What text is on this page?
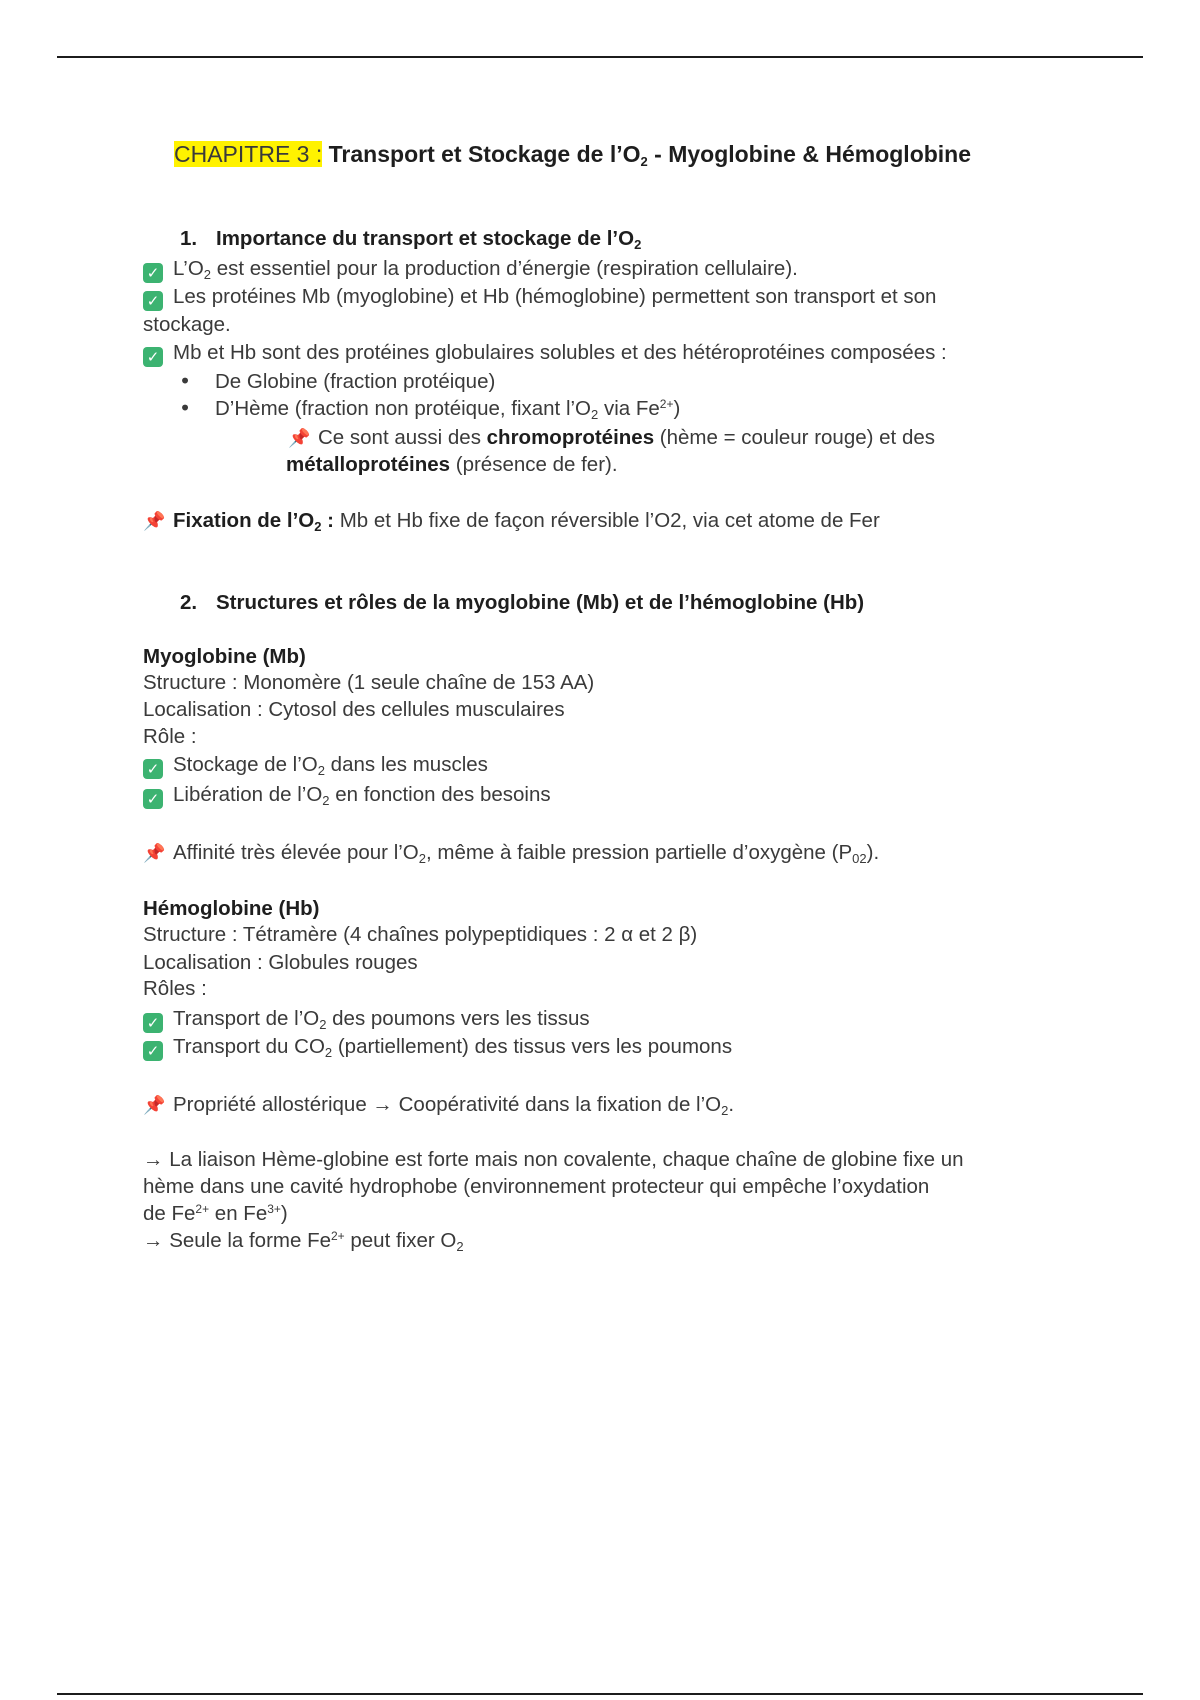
CHAPITRE 3 : Transport et Stockage de $l’O_2$ - Myoglobine & Hémoglobine
1. Importance du transport et stockage de $l’O_2$
✓ $L’O_2$ est essentiel pour la production d’énergie (respiration cellulaire).
✓ Les protéines Mb (myoglobine) et Hb (hémoglobine) permettent son transport et son
stockage.
✓ Mb et Hb sont des protéines globulaires solubles et des hétéroprotéines composées :
• De Globine (fraction protéique)
• D’Hème (fraction non protéique, fixant $l’O_2$ via $Fe^{2+}$)
📌 Ce sont aussi des chromoprotéines (hème = couleur rouge) et des
métalloprotéines (présence de fer).
📌 Fixation de $l’O_2$ : Mb et Hb fixe de façon réversible l’O2, via cet atome de Fer
2. Structures et rôles de la myoglobine (Mb) et de l’hémoglobine (Hb)
Myoglobine (Mb)
Structure : Monomère (1 seule chaîne de 153 AA)
Localisation : Cytosol des cellules musculaires
Rôle :
✓ Stockage de $l’O_2$ dans les muscles
✓ Libération de $l’O_2$ en fonction des besoins
📌 Affinité très élevée pour $l’O_2$, même à faible pression partielle d’oxygène $(P_{02})$.
Hémoglobine (Hb)
Structure : Tétramère (4 chaînes polypeptidiques : 2 α et 2 β)
Localisation : Globules rouges
Rôles :
✓ Transport de $l’O_2$ des poumons vers les tissus
✓ Transport du $CO_2$ (partiellement) des tissus vers les poumons
📌 Propriété allostérique → Coopérativité dans la fixation de $l’O_2$.
→ La liaison Hème-globine est forte mais non covalente, chaque chaîne de globine fixe un
hème dans une cavité hydrophobe (environnement protecteur qui empêche l’oxydation
de $Fe^{2+}$ en $Fe^{3+}$)
→ Seule la forme $Fe^{2+}$ peut fixer $O_2$
